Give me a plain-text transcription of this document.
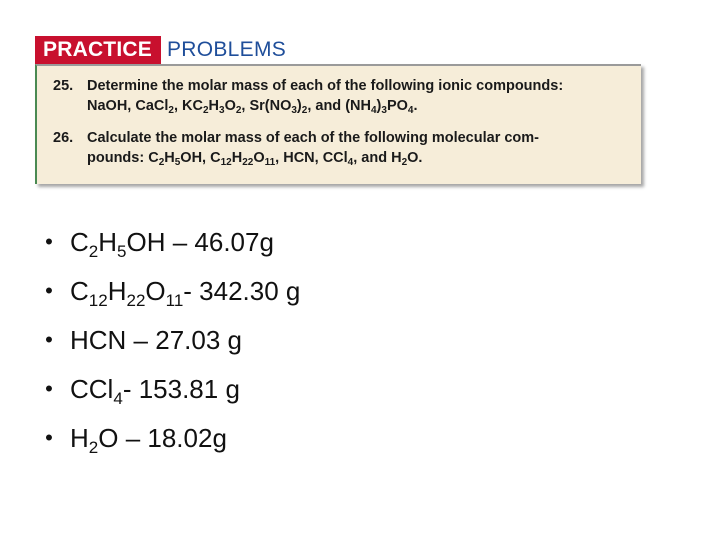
PRACTICE PROBLEMS
25. Determine the molar mass of each of the following ionic compounds:
NaOH, CaCl$_2$, $KC_2H_3O_2$, $Sr(NO_3)_2$, and $(NH_4)_3PO_4$.
26. Calculate the molar mass of each of the following molecular com-
pounds: $C_2H_5OH$, $C_{12}H_{22}O_{11}$, HCN, CCl$_4$, and $H_2O$.
• $C_2H_5OH - 46.07g$
• $C_{12}H_{22}O_{11}-$ 342.30 g
• HCN – 27.03 g
• CCl$_4$- 153.81 g
• $H_2O - 18.02g$
